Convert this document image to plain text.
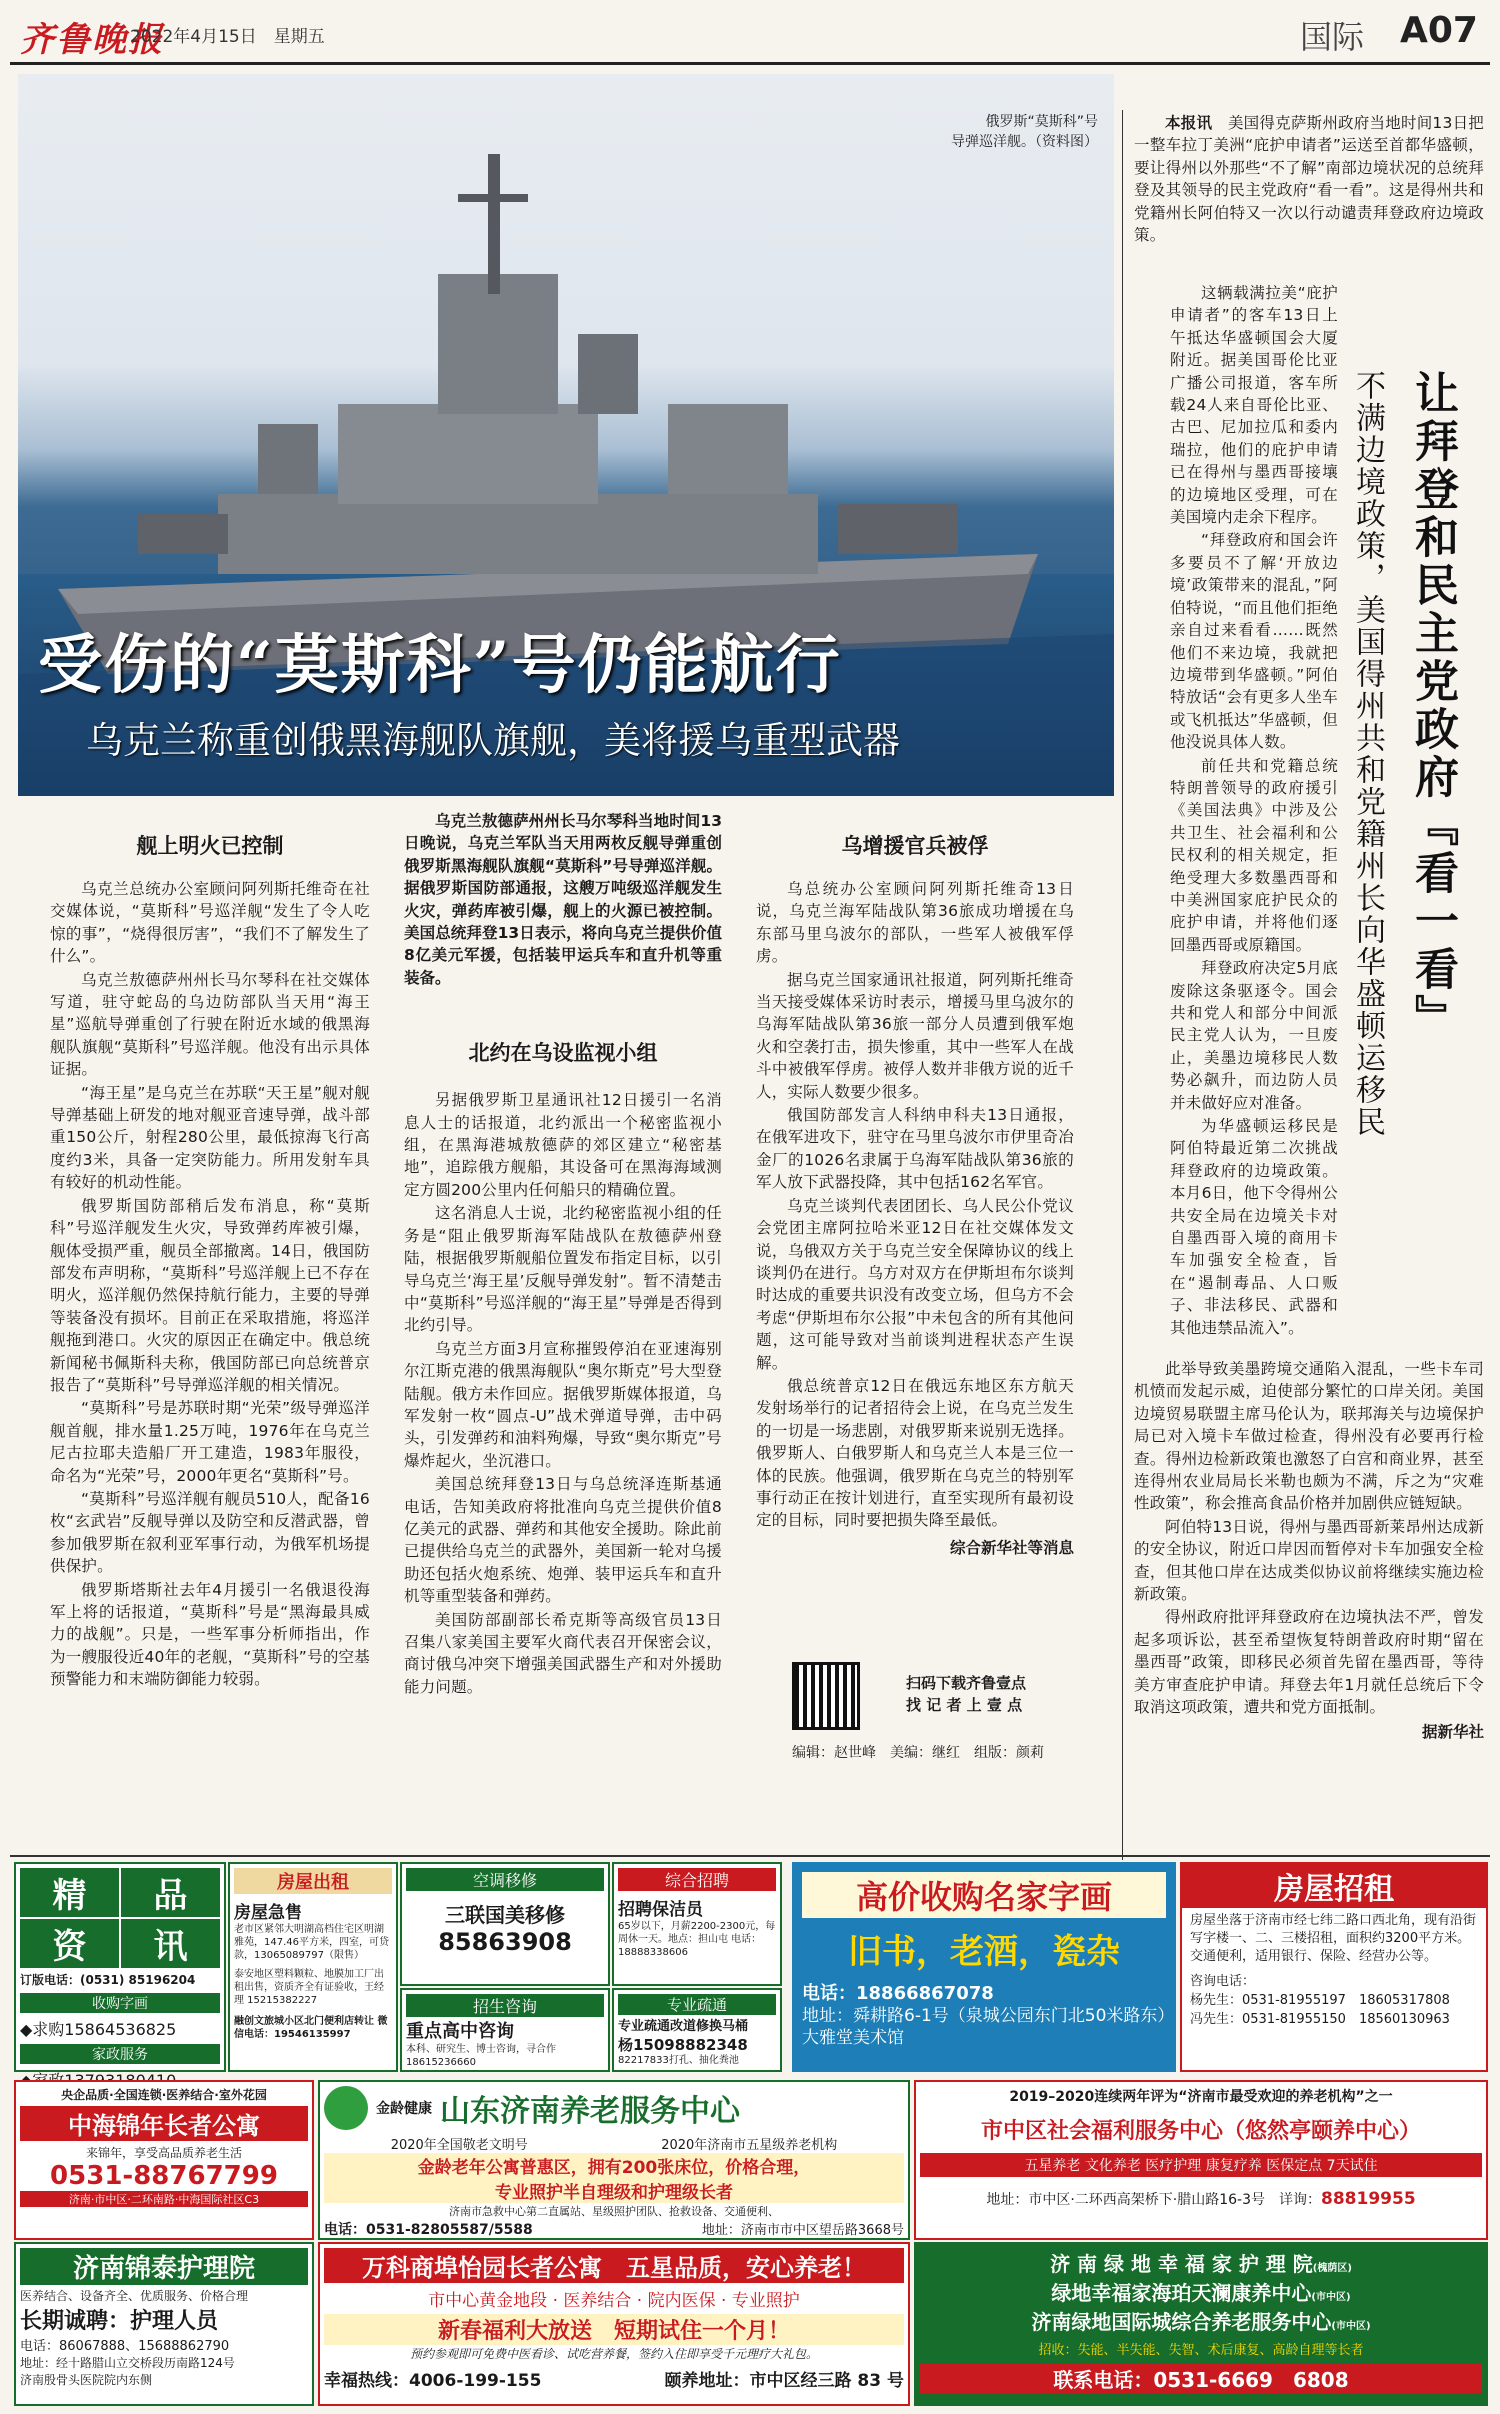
齐鲁晚报
2022年4月15日　 星期五	国际 A07
俄罗斯“莫斯科”号
导弹巡洋舰。（资料图）
受伤的“莫斯科”号仍能航行
乌克兰称重创俄黑海舰队旗舰，美将援乌重型武器
舰上明火已控制

乌克兰总统办公室顾问阿列斯托维奇在社交媒体说，“莫斯科”号巡洋舰“发生了令人吃惊的事”，“烧得很厉害”，“我们不了解发生了什么”。

乌克兰敖德萨州州长马尔琴科在社交媒体写道，驻守蛇岛的乌边防部队当天用“海王星”巡航导弹重创了行驶在附近水域的俄黑海舰队旗舰“莫斯科”号巡洋舰。他没有出示具体证据。

“海王星”是乌克兰在苏联“天王星”舰对舰导弹基础上研发的地对舰亚音速导弹，战斗部重150公斤，射程280公里，最低掠海飞行高度约3米，具备一定突防能力。所用发射车具有较好的机动性能。

俄罗斯国防部稍后发布消息，称“莫斯科”号巡洋舰发生火灾，导致弹药库被引爆，舰体受损严重，舰员全部撤离。14日，俄国防部发布声明称，“莫斯科”号巡洋舰上已不存在明火，巡洋舰仍然保持航行能力，主要的导弹等装备没有损坏。目前正在采取措施，将巡洋舰拖到港口。火灾的原因正在确定中。俄总统新闻秘书佩斯科夫称，俄国防部已向总统普京报告了“莫斯科”号导弹巡洋舰的相关情况。

“莫斯科”号是苏联时期“光荣”级导弹巡洋舰首舰，排水量1.25万吨，1976年在乌克兰尼古拉耶夫造船厂开工建造，1983年服役，命名为“光荣”号，2000年更名“莫斯科”号。

“莫斯科”号巡洋舰有舰员510人，配备16枚“玄武岩”反舰导弹以及防空和反潜武器，曾参加俄罗斯在叙利亚军事行动，为俄军机场提供保护。

俄罗斯塔斯社去年4月援引一名俄退役海军上将的话报道，“莫斯科”号是“黑海最具威力的战舰”。只是，一些军事分析师指出，作为一艘服役近40年的老舰，“莫斯科”号的空基预警能力和末端防御能力较弱。

乌克兰敖德萨州州长马尔琴科当地时间13日晚说，乌克兰军队当天用两枚反舰导弹重创俄罗斯黑海舰队旗舰“莫斯科”号导弹巡洋舰。据俄罗斯国防部通报，这艘万吨级巡洋舰发生火灾，弹药库被引爆，舰上的火源已被控制。美国总统拜登13日表示，将向乌克兰提供价值8亿美元军援，包括装甲运兵车和直升机等重装备。
北约在乌设监视小组

另据俄罗斯卫星通讯社12日援引一名消息人士的话报道，北约派出一个秘密监视小组，在黑海港城敖德萨的郊区建立“秘密基地”，追踪俄方舰船，其设备可在黑海海域测定方圆200公里内任何船只的精确位置。

这名消息人士说，北约秘密监视小组的任务是“阻止俄罗斯海军陆战队在敖德萨州登陆，根据俄罗斯舰船位置发布指定目标，以引导乌克兰‘海王星’反舰导弹发射”。暂不清楚击中“莫斯科”号巡洋舰的“海王星”导弹是否得到北约引导。

乌克兰方面3月宣称摧毁停泊在亚速海别尔江斯克港的俄黑海舰队“奥尔斯克”号大型登陆舰。俄方未作回应。据俄罗斯媒体报道，乌军发射一枚“圆点-U”战术弹道导弹，击中码头，引发弹药和油料殉爆，导致“奥尔斯克”号爆炸起火，坐沉港口。

美国总统拜登13日与乌总统泽连斯基通电话，告知美政府将批准向乌克兰提供价值8亿美元的武器、弹药和其他安全援助。除此前已提供给乌克兰的武器外，美国新一轮对乌援助还包括火炮系统、炮弹、装甲运兵车和直升机等重型装备和弹药。

美国防部副部长希克斯等高级官员13日召集八家美国主要军火商代表召开保密会议，商讨俄乌冲突下增强美国武器生产和对外援助能力问题。

乌增援官兵被俘

乌总统办公室顾问阿列斯托维奇13日说，乌克兰海军陆战队第36旅成功增援在乌东部马里乌波尔的部队，一些军人被俄军俘虏。

据乌克兰国家通讯社报道，阿列斯托维奇当天接受媒体采访时表示，增援马里乌波尔的乌海军陆战队第36旅一部分人员遭到俄军炮火和空袭打击，损失惨重，其中一些军人在战斗中被俄军俘虏。被俘人数并非俄方说的近千人，实际人数要少很多。

俄国防部发言人科纳申科夫13日通报，在俄军进攻下，驻守在马里乌波尔市伊里奇冶金厂的1026名隶属于乌海军陆战队第36旅的军人放下武器投降，其中包括162名军官。

乌克兰谈判代表团团长、乌人民公仆党议会党团主席阿拉哈米亚12日在社交媒体发文说，乌俄双方关于乌克兰安全保障协议的线上谈判仍在进行。乌方对双方在伊斯坦布尔谈判时达成的重要共识没有改变立场，但乌方不会考虑“伊斯坦布尔公报”中未包含的所有其他问题，这可能导致对当前谈判进程状态产生误解。

俄总统普京12日在俄远东地区东方航天发射场举行的记者招待会上说，在乌克兰发生的一切是一场悲剧，对俄罗斯来说别无选择。俄罗斯人、白俄罗斯人和乌克兰人本是三位一体的民族。他强调，俄罗斯在乌克兰的特别军事行动正在按计划进行，直至实现所有最初设定的目标，同时要把损失降至最低。

综合新华社等消息
扫码下载齐鲁壹点
找 记 者 上 壹 点
编辑：赵世峰　美编：继红　组版：颜莉
让拜登和民主党政府『看一看』
不满边境政策，美国得州共和党籍州长向华盛顿运移民

本报讯　 美国得克萨斯州政府当地时间13日把一整车拉丁美洲“庇护申请者”运送至首都华盛顿，要让得州以外那些“不了解”南部边境状况的总统拜登及其领导的民主党政府“看一看”。这是得州共和党籍州长阿伯特又一次以行动谴责拜登政府边境政策。

这辆载满拉美“庇护申请者”的客车13日上午抵达华盛顿国会大厦附近。据美国哥伦比亚广播公司报道，客车所载24人来自哥伦比亚、古巴、尼加拉瓜和委内瑞拉，他们的庇护申请已在得州与墨西哥接壤的边境地区受理，可在美国境内走余下程序。

“拜登政府和国会许多要员不了解‘开放边境’政策带来的混乱，”阿伯特说，“而且他们拒绝亲自过来看看……既然他们不来边境，我就把边境带到华盛顿。”阿伯特放话“会有更多人坐车或飞机抵达”华盛顿，但他没说具体人数。

前任共和党籍总统特朗普领导的政府援引《美国法典》中涉及公共卫生、社会福利和公民权利的相关规定，拒绝受理大多数墨西哥和中美洲国家庇护民众的庇护申请，并将他们逐回墨西哥或原籍国。

拜登政府决定5月底废除这条驱逐令。国会共和党人和部分中间派民主党人认为，一旦废止，美墨边境移民人数势必飙升，而边防人员并未做好应对准备。

为华盛顿运移民是阿伯特最近第二次挑战拜登政府的边境政策。本月6日，他下令得州公共安全局在边境关卡对自墨西哥入境的商用卡车加强安全检查，旨在“遏制毒品、人口贩子、非法移民、武器和其他违禁品流入”。

此举导致美墨跨境交通陷入混乱，一些卡车司机愤而发起示威，迫使部分繁忙的口岸关闭。美国边境贸易联盟主席马伦认为，联邦海关与边境保护局已对入境卡车做过检查，得州没有必要再行检查。得州边检新政策也激怒了白宫和商业界，甚至连得州农业局局长米勒也颇为不满，斥之为“灾难性政策”，称会推高食品价格并加剧供应链短缺。

阿伯特13日说，得州与墨西哥新莱昂州达成新的安全协议，附近口岸因而暂停对卡车加强安全检查，但其他口岸在达成类似协议前将继续实施边检新政策。

得州政府批评拜登政府在边境执法不严，曾发起多项诉讼，甚至希望恢复特朗普政府时期“留在墨西哥”政策，即移民必须首先留在墨西哥，等待美方审查庇护申请。拜登去年1月就任总统后下令取消这项政策，遭共和党方面抵制。

据新华社
精	品
资	讯
订版电话：(0531) 85196204
收购字画
◆求购15864536825
家政服务
房屋出租
房屋急售
老市区紧邻大明湖高档住宅区明湖雅苑，147.46平方米，四室，可贷款，13065089797（限售）
泰安地区塑料颗粒、地膜加工厂出租出售，资质齐全有证验收，王经理 15215382227
融创文旅城小区北门便利店转让 微信电话：19546135997
空调移修
三联国美移修
85863908
综合招聘
招聘保洁员
65岁以下，月薪2200-2300元，每周休一天。地点：担山屯 电话：18888338606
招生咨询
重点高中咨询
本科、研究生、博士咨询，寻合作18615236660
专业疏通
专业疏通改道修换马桶
杨15098882348
82217833打孔、抽化粪池
高价收购名家字画
旧书，老酒，瓷杂
电话：18866867078
地址：舜耕路6-1号（泉城公园东门北50米路东）大雅堂美术馆
房屋招租
房屋坐落于济南市经七纬二路口西北角，现有沿街写字楼一、二、三楼招租，面积约3200平方米。交通便利，适用银行、保险、经营办公等。
咨询电话：
杨先生：0531-81955197　18605317808
冯先生：0531-81955150　18560130963
央企品质·全国连锁·医养结合·室外花园
中海锦年长者公寓
来锦年，享受高品质养老生活
0531-88767799
济南·市中区·二环南路·中海国际社区C3
济南锦泰护理院
医养结合、设备齐全、优质服务、价格合理
长期诚聘：护理人员
电话：86067888、15688862790
地址：经十路腊山立交桥段历南路124号
济南殷骨头医院院内东侧
金龄健康 山东济南养老服务中心
2020年全国敬老文明号	2020年济南市五星级养老机构
金龄老年公寓普惠区，拥有200张床位，价格合理，
专业照护半自理级和护理级长者
济南市急救中心第二直属站、星级照护团队、抢救设备、交通便利、
电话：0531-82805587/5588	地址：济南市市中区望岳路3668号
万科商埠怡园长者公寓　五星品质，安心养老！
市中心黄金地段 · 医养结合 · 院内医保 · 专业照护
新春福利大放送　短期试住一个月！
预约参观即可免费中医看诊、试吃营养餐，签约入住即享受千元理疗大礼包。
幸福热线：4006-199-155	颐养地址：市中区经三路 83 号
2019–2020连续两年评为“济南市最受欢迎的养老机构”之一
市中区社会福利服务中心（悠然亭颐养中心）
五星养老 文化养老 医疗护理 康复疗养 医保定点 7天试住
地址：市中区·二环西高架桥下·腊山路16-3号　详询：88819955
济 南 绿 地 幸 福 家 护 理 院(槐荫区)
绿地幸福家海珀天澜康养中心(市中区)
济南绿地国际城综合养老服务中心(市中区)
招收：失能、半失能、失智、术后康复、高龄自理等长者
联系电话：0531-6669　6808
